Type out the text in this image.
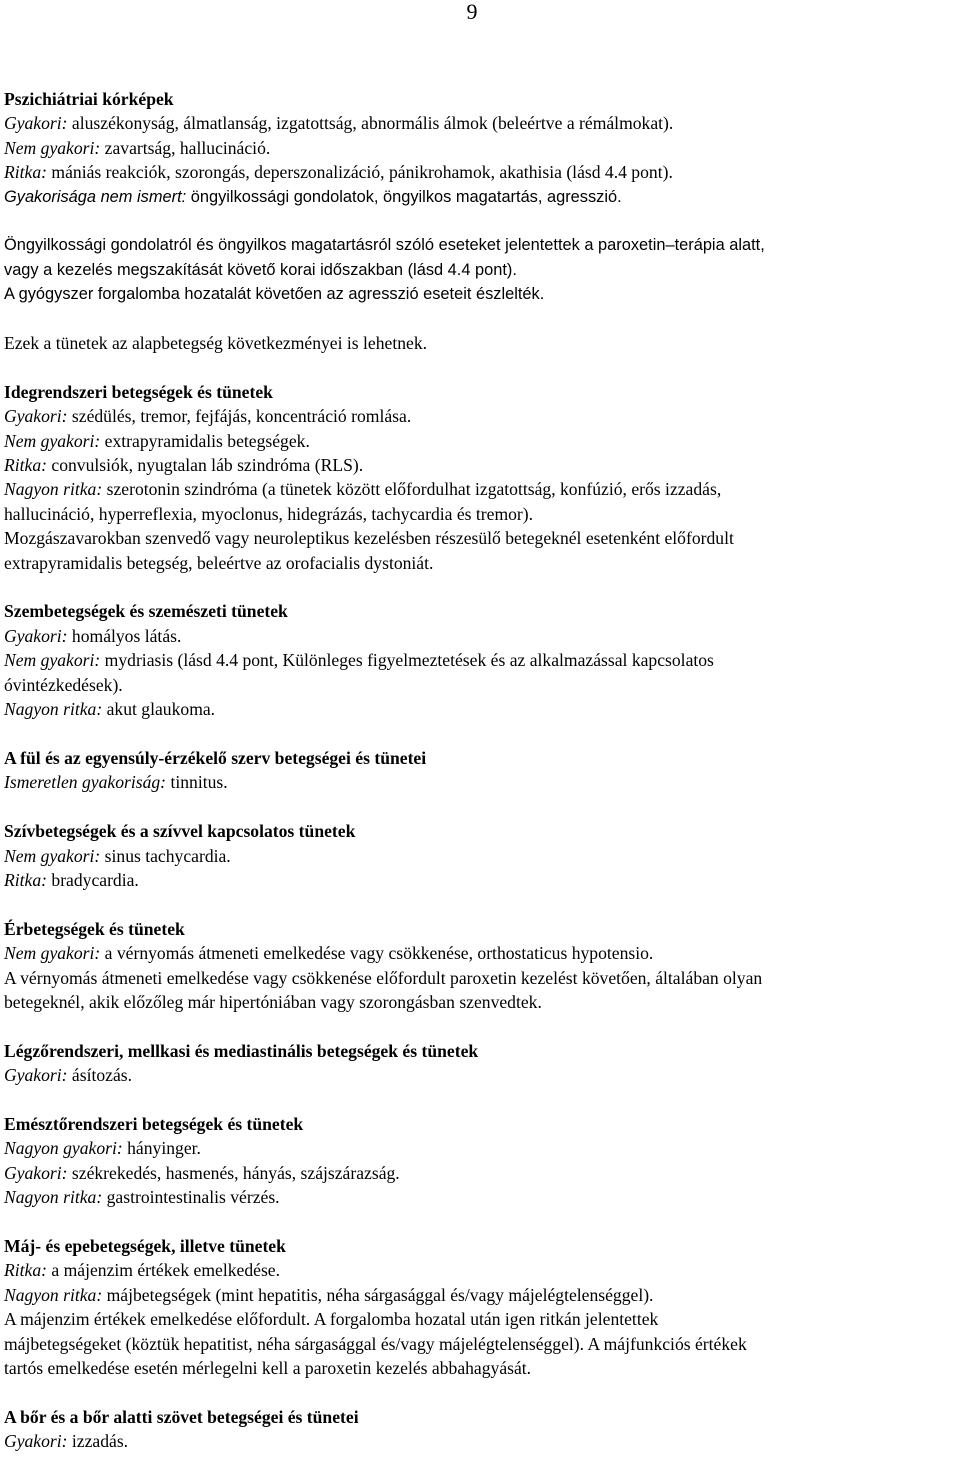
9
Pszichiátriai kórképek
Gyakori: aluszékonyság, álmatlanság, izgatottság, abnormális álmok (beleértve a rémálmokat).
Nem gyakori: zavartság, hallucináció.
Ritka: mániás reakciók, szorongás, deperszonalizáció, pánikrohamok, akathisia (lásd 4.4 pont).
Gyakorisága nem ismert: öngyilkossági gondolatok, öngyilkos magatartás, agresszió.
Öngyilkossági gondolatról és öngyilkos magatartásról szóló eseteket jelentettek a paroxetin–terápia alatt,
vagy a kezelés megszakítását követő korai időszakban (lásd 4.4 pont).
A gyógyszer forgalomba hozatalát követően az agresszió eseteit észlelték.
Ezek a tünetek az alapbetegség következményei is lehetnek.
Idegrendszeri betegségek és tünetek
Gyakori: szédülés, tremor, fejfájás, koncentráció romlása.
Nem gyakori: extrapyramidalis betegségek.
Ritka: convulsiók, nyugtalan láb szindróma (RLS).
Nagyon ritka: szerotonin szindróma (a tünetek között előfordulhat izgatottság, konfúzió, erős izzadás,
hallucináció, hyperreflexia, myoclonus, hidegrázás, tachycardia és tremor).
Mozgászavarokban szenvedő vagy neuroleptikus kezelésben részesülő betegeknél esetenként előfordult
extrapyramidalis betegség, beleértve az orofacialis dystoniát.
Szembetegségek és szemészeti tünetek
Gyakori: homályos látás.
Nem gyakori: mydriasis (lásd 4.4 pont, Különleges figyelmeztetések és az alkalmazással kapcsolatos
óvintézkedések).
Nagyon ritka: akut glaukoma.
A fül és az egyensúly-érzékelő szerv betegségei és tünetei
Ismeretlen gyakoriság: tinnitus.
Szívbetegségek és a szívvel kapcsolatos tünetek
Nem gyakori: sinus tachycardia.
Ritka: bradycardia.
Érbetegségek és tünetek
Nem gyakori: a vérnyomás átmeneti emelkedése vagy csökkenése, orthostaticus hypotensio.
A vérnyomás átmeneti emelkedése vagy csökkenése előfordult paroxetin kezelést követően, általában olyan
betegeknél, akik előzőleg már hipertóniában vagy szorongásban szenvedtek.
Légzőrendszeri, mellkasi és mediastinális betegségek és tünetek
Gyakori: ásítozás.
Emésztőrendszeri betegségek és tünetek
Nagyon gyakori: hányinger.
Gyakori: székrekedés, hasmenés, hányás, szájszárazság.
Nagyon ritka: gastrointestinalis vérzés.
Máj- és epebetegségek, illetve tünetek
Ritka: a májenzim értékek emelkedése.
Nagyon ritka: májbetegségek (mint hepatitis, néha sárgasággal és/vagy májelégtelenséggel).
A májenzim értékek emelkedése előfordult. A forgalomba hozatal után igen ritkán jelentettek
májbetegségeket (köztük hepatitist, néha sárgasággal és/vagy májelégtelenséggel). A májfunkciós értékek
tartós emelkedése esetén mérlegelni kell a paroxetin kezelés abbahagyását.
A bőr és a bőr alatti szövet betegségei és tünetei
Gyakori: izzadás.
